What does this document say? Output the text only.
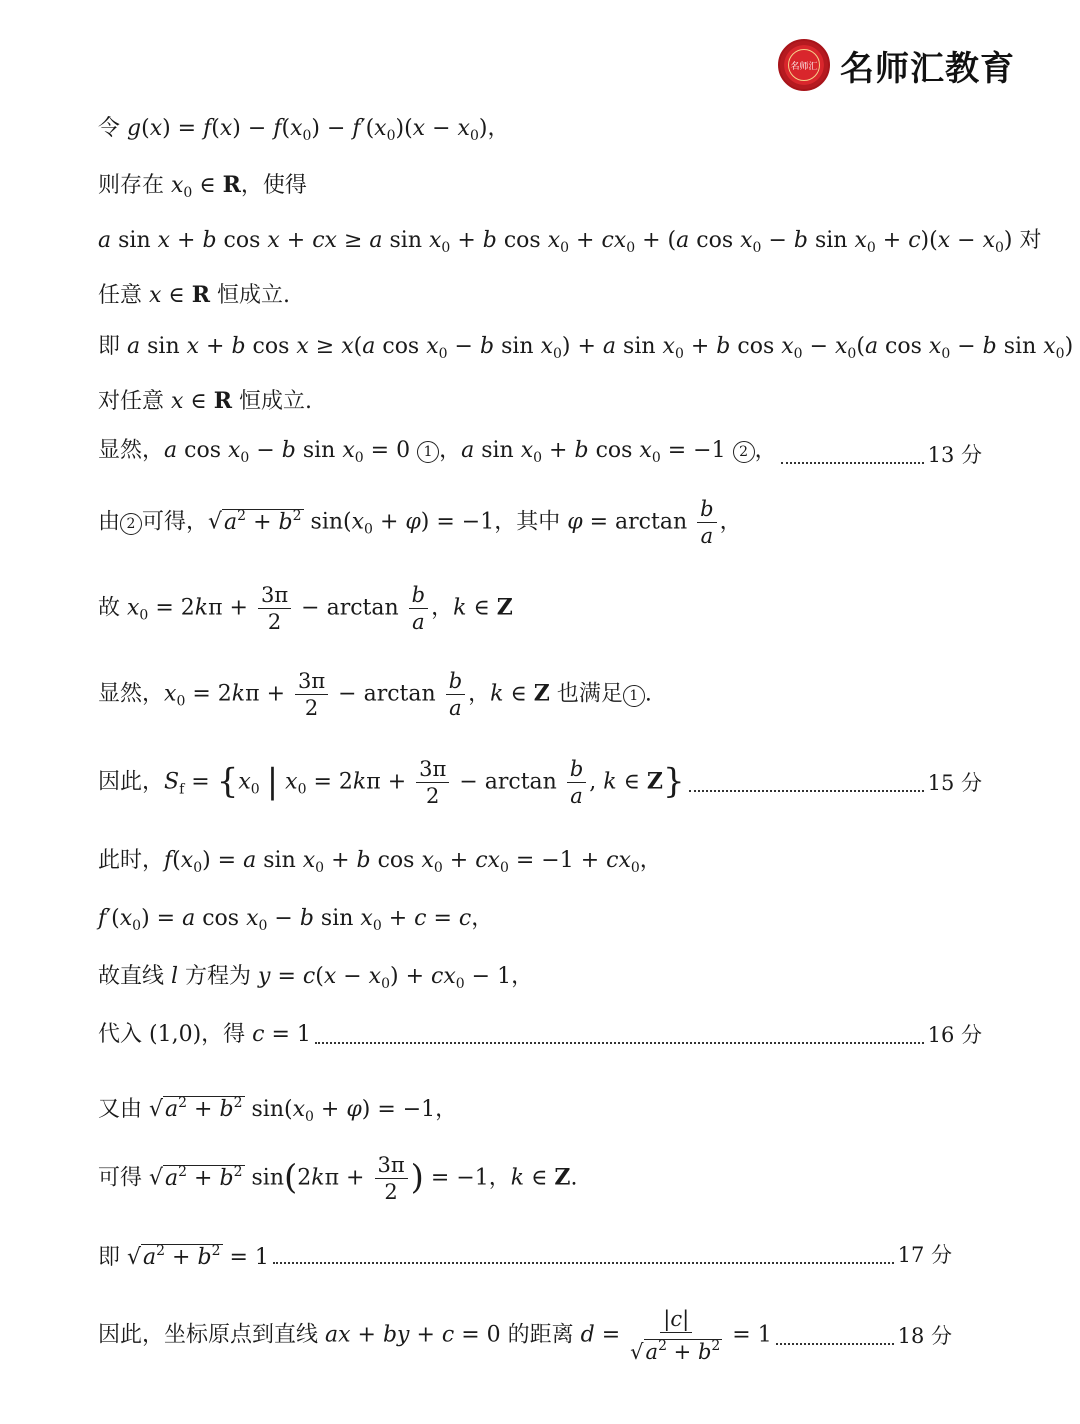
名师汇 名师汇教育
令 $g(x) = f(x) - f(x_0) - f'(x_0)(x - x_0)$，
则存在 $x_0$ ∈ R，使得
a sin x + b cos x + cx ≥ a $\sin x_0 + b$ $\cos x_0 + cx_0 + (a$ $\cos x_0 - b$ $\sin x_0 + c)(x - x_0)$ 对
任意 x ∈ R 恒成立.
即 a sin x + b cos x ≥ x(a $\cos x_0 - b$ $\sin x_0) + a$ $\sin x_0 + b$ $\cos x_0 - x_0(a$ $\cos x_0 - b$ $\sin x_0$)
对任意 x ∈ R 恒成立.
显然，a $\cos x_0 - b$ $\sin x_0 = 0$ 1 ，a $\sin x_0 + b$ $\cos x_0 = -1$ 2 ，	13 分
由 2 可得，$√a^2 + b^2$ $\sin(x_0 + \varphi) = -1$，其中 $\varphi = \arctan \frac{b}{a}$ ，
故 $x_0 = 2k\pi + \frac{3\pi}{2} - \arctan \frac{b}{a}$ ，k ∈ Z
显然，$x_0 = 2k\pi + \frac{3\pi}{2} - \arctan \frac{b}{a}$ ，k ∈ Z 也满足 1 .
因此，$S_f = \{x_0$ | $x_0 = 2k\pi + \frac{3\pi}{2} - \arctan \frac{b}{a}$ , k ∈ Z}	15 分
此时，$f(x_0) = a$ $\sin x_0 + b$ $\cos x_0 + cx_0 = -1 + cx_0$，
$f'(x_0) = a$ $\cos x_0 - b$ $\sin x_0 + c = c$，
故直线 l 方程为 $y = c(x - x_0) + cx_0 - 1$，
代入 (1,0)，得 c = 1	16 分
又由 $√a^2 + b^2$ $\sin(x_0 + \varphi) = -1$，
可得 $√a^2 + b^2$ $\sin(2k\pi + \frac{3\pi}{2}$ ) = −1，k ∈ Z.
即 $√a^2 + b^2 = 1$	17 分
因此，坐标原点到直线 ax + by + c = 0 的距离 $d = \frac{|c|}{√a^2 + b^2} = 1$	18 分
